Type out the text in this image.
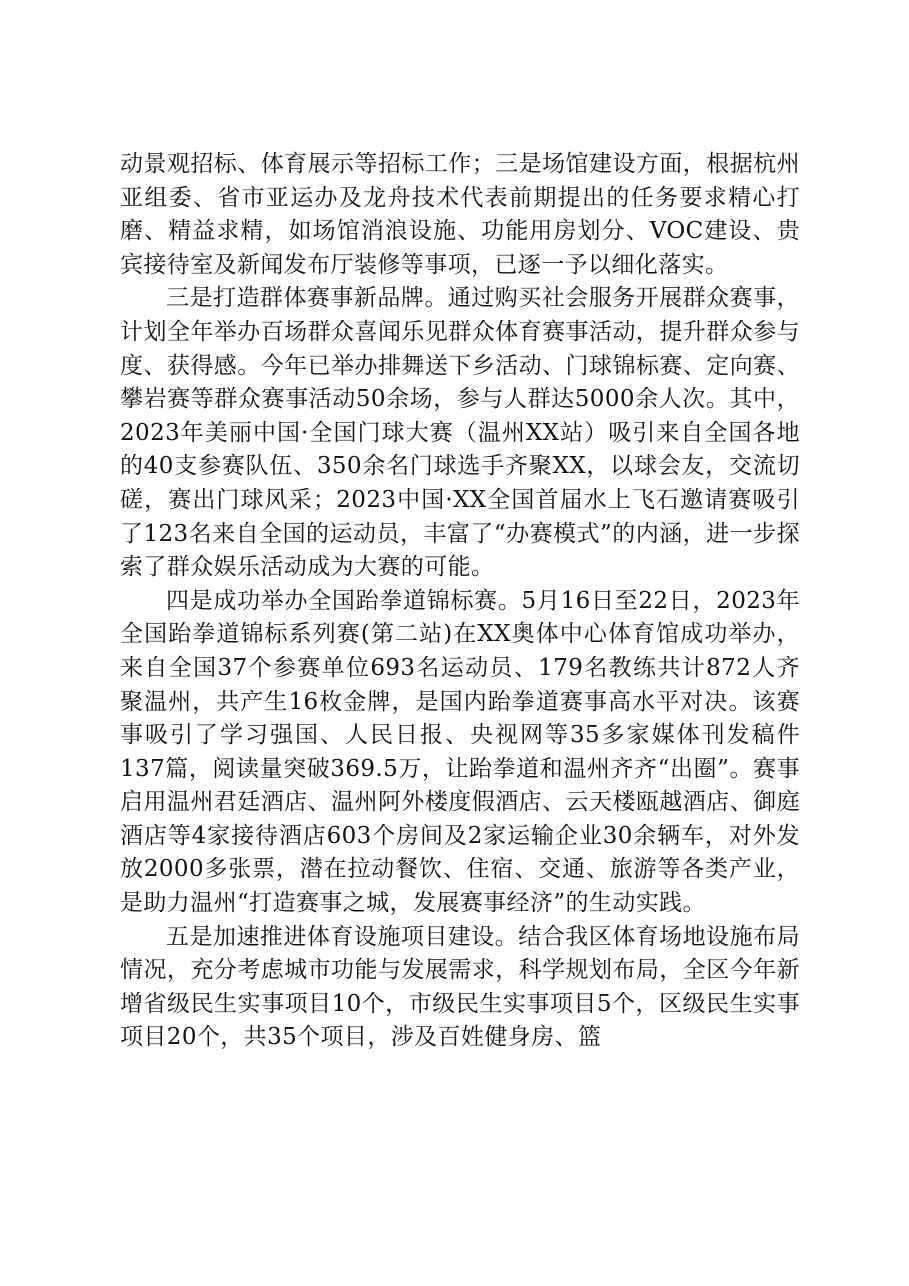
动景观招标、体育展示等招标工作；三是场馆建设方面，根据杭州亚组委、省市亚运办及龙舟技术代表前期提出的任务要求精心打磨、精益求精，如场馆消浪设施、功能用房划分、VOC建设、贵宾接待室及新闻发布厅装修等事项，已逐一予以细化落实。

三是打造群体赛事新品牌。通过购买社会服务开展群众赛事，计划全年举办百场群众喜闻乐见群众体育赛事活动，提升群众参与度、获得感。今年已举办排舞送下乡活动、门球锦标赛、定向赛、攀岩赛等群众赛事活动50余场，参与人群达5000余人次。其中，2023年美丽中国·全国门球大赛（温州XX站）吸引来自全国各地的40支参赛队伍、350余名门球选手齐聚XX，以球会友，交流切磋，赛出门球风采；2023中国·XX全国首届水上飞石邀请赛吸引了123名来自全国的运动员，丰富了“办赛模式”的内涵，进一步探索了群众娱乐活动成为大赛的可能。

四是成功举办全国跆拳道锦标赛。5月16日至22日，2023年全国跆拳道锦标系列赛(第二站)在XX奥体中心体育馆成功举办，来自全国37个参赛单位693名运动员、179名教练共计872人齐聚温州，共产生16枚金牌，是国内跆拳道赛事高水平对决。该赛事吸引了学习强国、人民日报、央视网等35多家媒体刊发稿件137篇，阅读量突破369.5万，让跆拳道和温州齐齐“出圈”。赛事启用温州君廷酒店、温州阿外楼度假酒店、云天楼瓯越酒店、御庭酒店等4家接待酒店603个房间及2家运输企业30余辆车，对外发放2000多张票，潜在拉动餐饮、住宿、交通、旅游等各类产业，是助力温州“打造赛事之城，发展赛事经济”的生动实践。

五是加速推进体育设施项目建设。结合我区体育场地设施布局情况，充分考虑城市功能与发展需求，科学规划布局，全区今年新增省级民生实事项目10个，市级民生实事项目5个，区级民生实事项目20个，共35个项目，涉及百姓健身房、篮
